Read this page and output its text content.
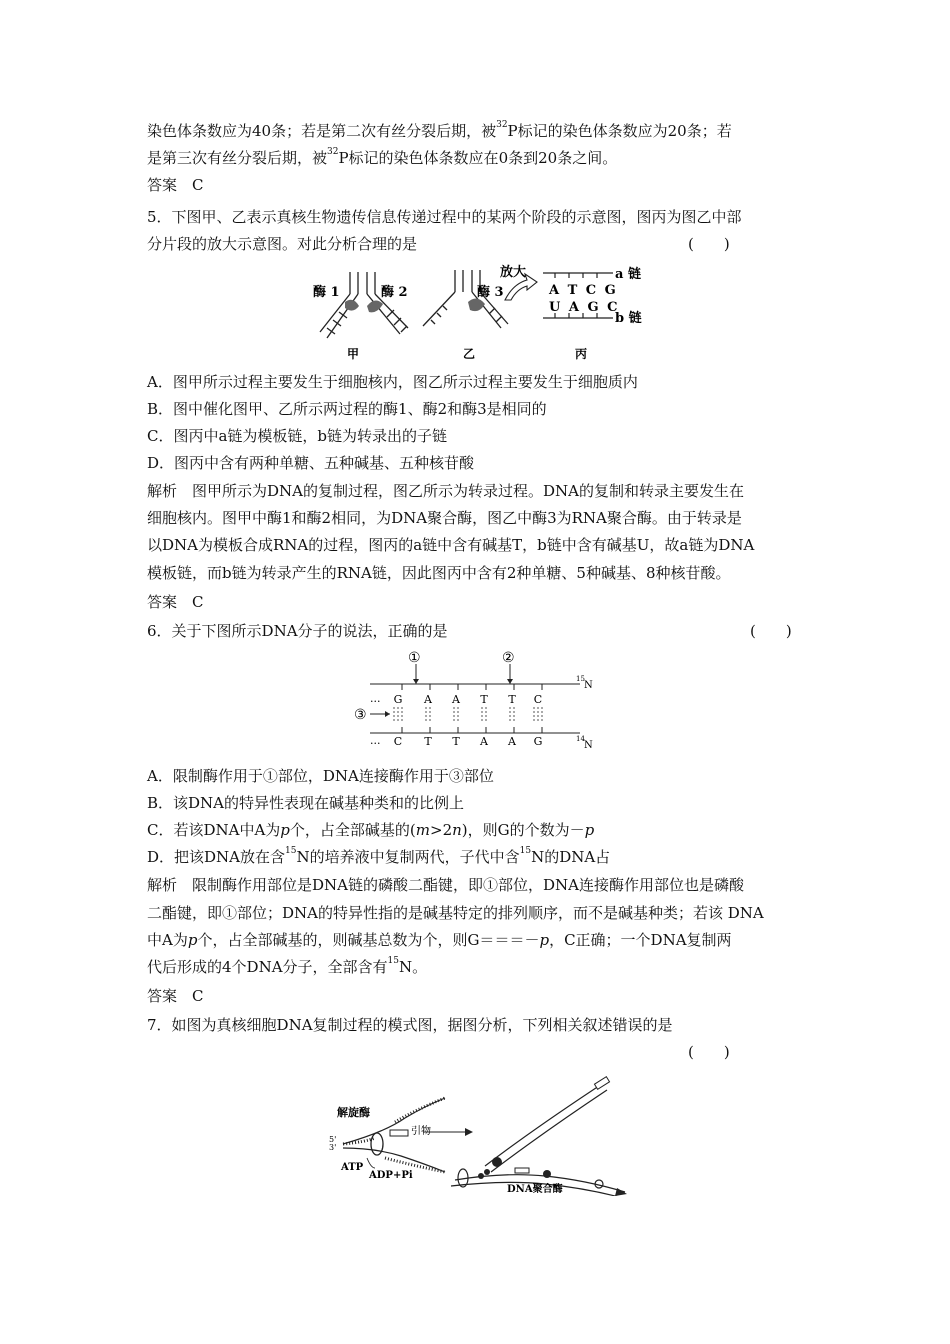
染色体条数应为40条；若是第二次有丝分裂后期，被$^{32}$P标记的染色体条数应为20条；若
是第三次有丝分裂后期，被$^{32}$P标记的染色体条数应在0条到20条之间。
答案　C
5．下图甲、乙表示真核生物遗传信息传递过程中的某两个阶段的示意图，图丙为图乙中部
分片段的放大示意图。对此分析合理的是	(　　)
酶 1	酶 2
甲
酶 3
乙
放大
A T C G
U A G C
a 链
b 链
丙
A．图甲所示过程主要发生于细胞核内，图乙所示过程主要发生于细胞质内
B．图中催化图甲、乙所示两过程的酶1、酶2和酶3是相同的
C．图丙中a链为模板链，b链为转录出的子链
D．图丙中含有两种单糖、五种碱基、五种核苷酸
解析　图甲所示为DNA的复制过程，图乙所示为转录过程。DNA的复制和转录主要发生在
细胞核内。图甲中酶1和酶2相同，为DNA聚合酶，图乙中酶3为RNA聚合酶。由于转录是
以DNA为模板合成RNA的过程，图丙的a链中含有碱基T，b链中含有碱基U，故a链为DNA
模板链，而b链为转录产生的RNA链，因此图丙中含有2种单糖、5种碱基、8种核苷酸。
答案　C
6．关于下图所示DNA分子的说法，正确的是	(　　)
①	②
③
···
···
G A A T T C
C T T A A G
15
N
14
N
A．限制酶作用于①部位，DNA连接酶作用于③部位
B．该DNA的特异性表现在碱基种类和的比例上
C．若该DNA中A为p个，占全部碱基的(m>2n)，则G的个数为－p
D．把该DNA放在含$^{15}$N的培养液中复制两代，子代中含$^{15}$N的DNA占
解析　限制酶作用部位是DNA链的磷酸二酯键，即①部位，DNA连接酶作用部位也是磷酸
二酯键，即①部位；DNA的特异性指的是碱基特定的排列顺序，而不是碱基种类；若该 DNA
中A为p个，占全部碱基的，则碱基总数为个，则G＝＝＝－p，C正确；一个DNA复制两
代后形成的4个DNA分子，全部含有$^{15}$N。
答案　C
7．如图为真核细胞DNA复制过程的模式图，据图分析，下列相关叙述错误的是
(　　)
解旋酶
引物
5'
3'
ATP
ADP+Pi
DNA聚合酶
